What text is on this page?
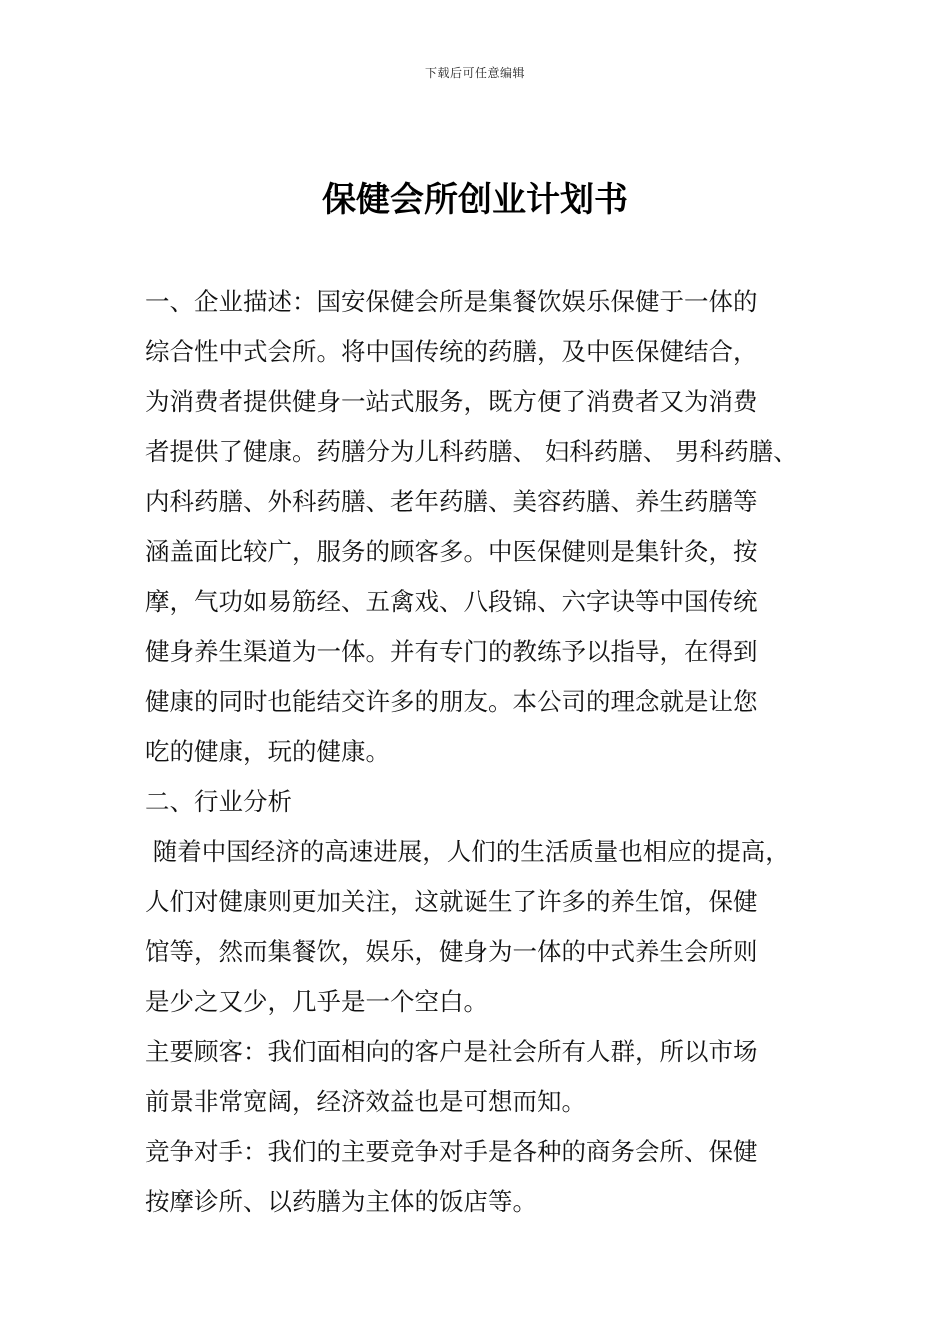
下载后可任意编辑
保健会所创业计划书
一、企业描述：国安保健会所是集餐饮娱乐保健于一体的
综合性中式会所。将中国传统的药膳，及中医保健结合，
为消费者提供健身一站式服务，既方便了消费者又为消费
者提供了健康。药膳分为儿科药膳、 妇科药膳、 男科药膳、
内科药膳、外科药膳、老年药膳、美容药膳、养生药膳等
涵盖面比较广，服务的顾客多。中医保健则是集针灸，按
摩，气功如易筋经、五禽戏、八段锦、六字诀等中国传统
健身养生渠道为一体。并有专门的教练予以指导，在得到
健康的同时也能结交许多的朋友。本公司的理念就是让您
吃的健康，玩的健康。
二、行业分析
随着中国经济的高速进展，人们的生活质量也相应的提高，
人们对健康则更加关注，这就诞生了许多的养生馆，保健
馆等，然而集餐饮，娱乐，健身为一体的中式养生会所则
是少之又少，几乎是一个空白。
主要顾客：我们面相向的客户是社会所有人群，所以市场
前景非常宽阔，经济效益也是可想而知。
竞争对手：我们的主要竞争对手是各种的商务会所、保健
按摩诊所、以药膳为主体的饭店等。
